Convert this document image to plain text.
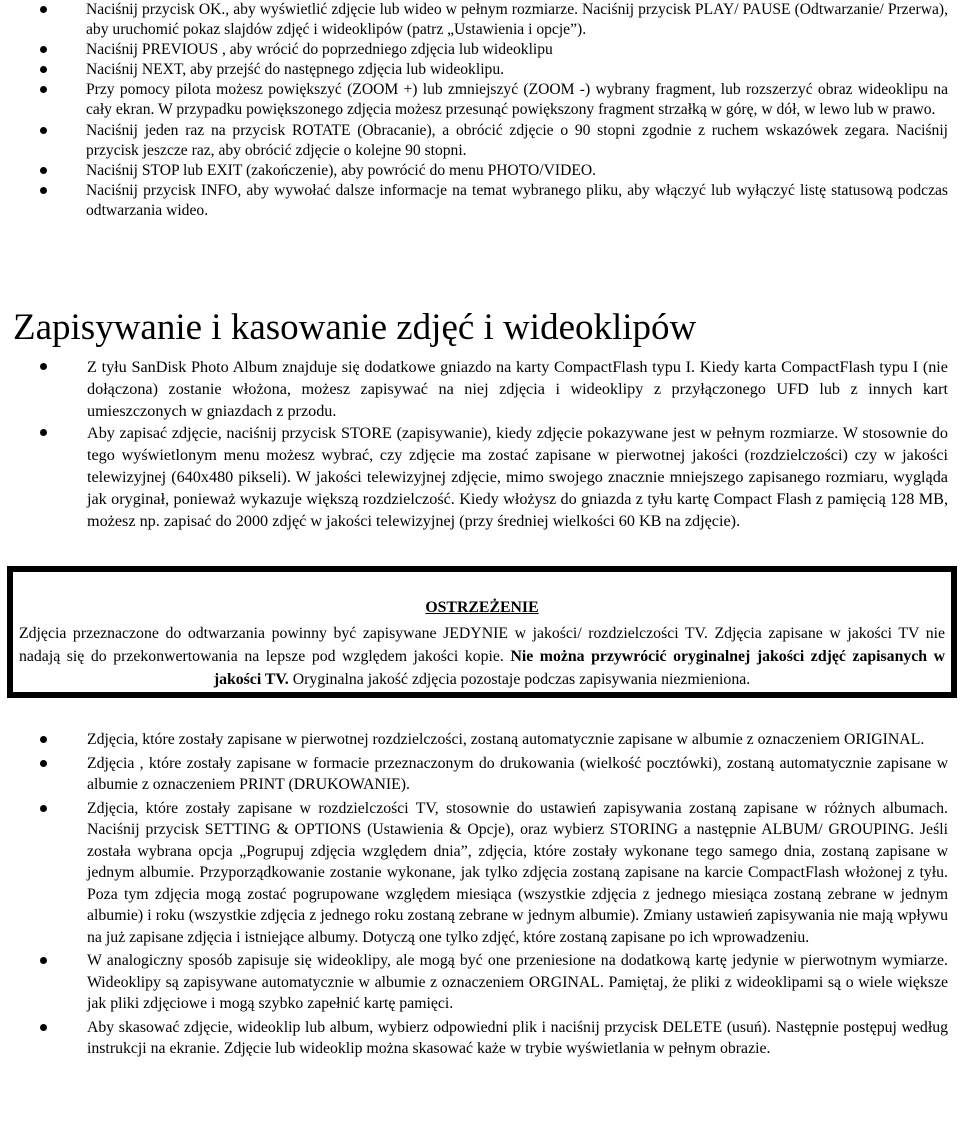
Naciśnij przycisk OK., aby wyświetlić zdjęcie lub wideo w pełnym rozmiarze. Naciśnij przycisk PLAY/ PAUSE (Odtwarzanie/ Przerwa), aby uruchomić pokaz slajdów zdjęć i wideoklipów (patrz „Ustawienia i opcje”).
Naciśnij PREVIOUS , aby wrócić do poprzedniego zdjęcia lub wideoklipu
Naciśnij NEXT, aby przejść do następnego zdjęcia lub wideoklipu.
Przy pomocy pilota możesz powiększyć (ZOOM +) lub zmniejszyć (ZOOM -) wybrany fragment, lub rozszerzyć obraz wideoklipu na cały ekran. W przypadku powiększonego zdjęcia możesz przesunąć powiększony fragment strzałką w górę, w dół, w lewo lub w prawo.
Naciśnij jeden raz na przycisk ROTATE (Obracanie), a obrócić zdjęcie o 90 stopni zgodnie z ruchem wskazówek zegara. Naciśnij przycisk jeszcze raz, aby obrócić zdjęcie o kolejne 90 stopni.
Naciśnij STOP lub EXIT (zakończenie), aby powrócić do menu PHOTO/VIDEO.
Naciśnij przycisk INFO, aby wywołać dalsze informacje na temat wybranego pliku, aby włączyć lub wyłączyć listę statusową podczas odtwarzania wideo.
Zapisywanie i kasowanie zdjęć i wideoklipów
Z tyłu SanDisk Photo Album znajduje się dodatkowe gniazdo na karty CompactFlash typu I. Kiedy karta CompactFlash typu I (nie dołączona) zostanie włożona, możesz zapisywać na niej zdjęcia i wideoklipy z przyłączonego UFD lub z innych kart umieszczonych w gniazdach z przodu.
Aby zapisać zdjęcie, naciśnij przycisk STORE (zapisywanie), kiedy zdjęcie pokazywane jest w pełnym rozmiarze. W stosownie do tego wyświetlonym menu możesz wybrać, czy zdjęcie ma zostać zapisane w pierwotnej jakości (rozdzielczości) czy w jakości telewizyjnej (640x480 pikseli). W jakości telewizyjnej zdjęcie, mimo swojego znacznie mniejszego zapisanego rozmiaru, wygląda jak oryginał, ponieważ wykazuje większą rozdzielczość. Kiedy włożysz do gniazda z tyłu kartę Compact Flash z pamięcią 128 MB, możesz np. zapisać do 2000 zdjęć w jakości telewizyjnej (przy średniej wielkości 60 KB na zdjęcie).
OSTRZEŻENIE
Zdjęcia przeznaczone do odtwarzania powinny być zapisywane JEDYNIE w jakości/ rozdzielczości TV. Zdjęcia zapisane w jakości TV nie nadają się do przekonwertowania na lepsze pod względem jakości kopie. Nie można przywrócić oryginalnej jakości zdjęć zapisanych w jakości TV. Oryginalna jakość zdjęcia pozostaje podczas zapisywania niezmieniona.
Zdjęcia, które zostały zapisane w pierwotnej rozdzielczości, zostaną automatycznie zapisane w albumie z oznaczeniem ORIGINAL.
Zdjęcia , które zostały zapisane w formacie przeznaczonym do drukowania (wielkość pocztówki), zostaną automatycznie zapisane w albumie z oznaczeniem PRINT (DRUKOWANIE).
Zdjęcia, które zostały zapisane w rozdzielczości TV, stosownie do ustawień zapisywania zostaną zapisane w różnych albumach. Naciśnij przycisk SETTING & OPTIONS (Ustawienia & Opcje), oraz wybierz STORING a następnie ALBUM/ GROUPING. Jeśli została wybrana opcja „Pogrupuj zdjęcia względem dnia”, zdjęcia, które zostały wykonane tego samego dnia, zostaną zapisane w jednym albumie. Przyporządkowanie zostanie wykonane, jak tylko zdjęcia zostaną zapisane na karcie CompactFlash włożonej z tyłu. Poza tym zdjęcia mogą zostać pogrupowane względem miesiąca (wszystkie zdjęcia z jednego miesiąca zostaną zebrane w jednym albumie) i roku (wszystkie zdjęcia z jednego roku zostaną zebrane w jednym albumie). Zmiany ustawień zapisywania nie mają wpływu na już zapisane zdjęcia i istniejące albumy. Dotyczą one tylko zdjęć, które zostaną zapisane po ich wprowadzeniu.
W analogiczny sposób zapisuje się wideoklipy, ale mogą być one przeniesione na dodatkową kartę jedynie w pierwotnym wymiarze. Wideoklipy są zapisywane automatycznie w albumie z oznaczeniem ORGINAL. Pamiętaj, że pliki z wideoklipami są o wiele większe jak pliki zdjęciowe i mogą szybko zapełnić kartę pamięci.
Aby skasować zdjęcie, wideoklip lub album, wybierz odpowiedni plik i naciśnij przycisk DELETE (usuń). Następnie postępuj według instrukcji na ekranie. Zdjęcie lub wideoklip można skasować każe w trybie wyświetlania w pełnym obrazie.
